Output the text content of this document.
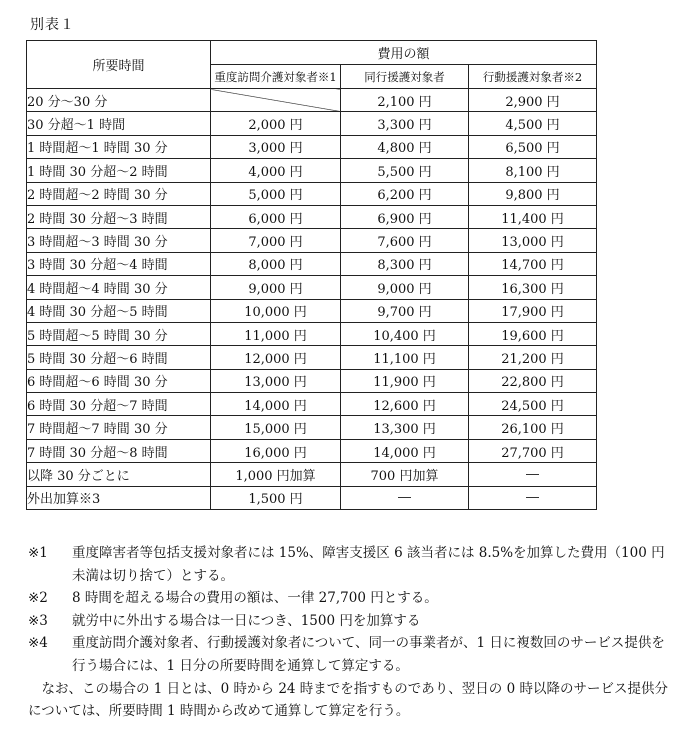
別表１
所要時間	費用の額		
	重度訪問介護対象者※1	同行援護対象者	行動援護対象者※2
20 分～30 分		2,100 円	2,900 円
30 分超～1 時間	2,000 円	3,300 円	4,500 円
1 時間超～1 時間 30 分	3,000 円	4,800 円	6,500 円
1 時間 30 分超～2 時間	4,000 円	5,500 円	8,100 円
2 時間超～2 時間 30 分	5,000 円	6,200 円	9,800 円
2 時間 30 分超～3 時間	6,000 円	6,900 円	11,400 円
3 時間超～3 時間 30 分	7,000 円	7,600 円	13,000 円
3 時間 30 分超～4 時間	8,000 円	8,300 円	14,700 円
4 時間超～4 時間 30 分	9,000 円	9,000 円	16,300 円
4 時間 30 分超～5 時間	10,000 円	9,700 円	17,900 円
5 時間超～5 時間 30 分	11,000 円	10,400 円	19,600 円
5 時間 30 分超～6 時間	12,000 円	11,100 円	21,200 円
6 時間超～6 時間 30 分	13,000 円	11,900 円	22,800 円
6 時間 30 分超～7 時間	14,000 円	12,600 円	24,500 円
7 時間超～7 時間 30 分	15,000 円	13,300 円	26,100 円
7 時間 30 分超～8 時間	16,000 円	14,000 円	27,700 円
以降 30 分ごとに	1,000 円加算	700 円加算	―
外出加算※3	1,500 円	―	―
※1	重度障害者等包括支援対象者には 15%、障害支援区 6 該当者には 8.5%を加算した費用（100 円未満は切り捨て）とする。
※2	8 時間を超える場合の費用の額は、一律 27,700 円とする。
※3	就労中に外出する場合は一日につき、1500 円を加算する
※4	重度訪問介護対象者、行動援護対象者について、同一の事業者が、1 日に複数回のサービス提供を行う場合には、1 日分の所要時間を通算して算定する。
なお、この場合の 1 日とは、0 時から 24 時までを指すものであり、翌日の 0 時以降のサービス提供分については、所要時間 1 時間から改めて通算して算定を行う。
